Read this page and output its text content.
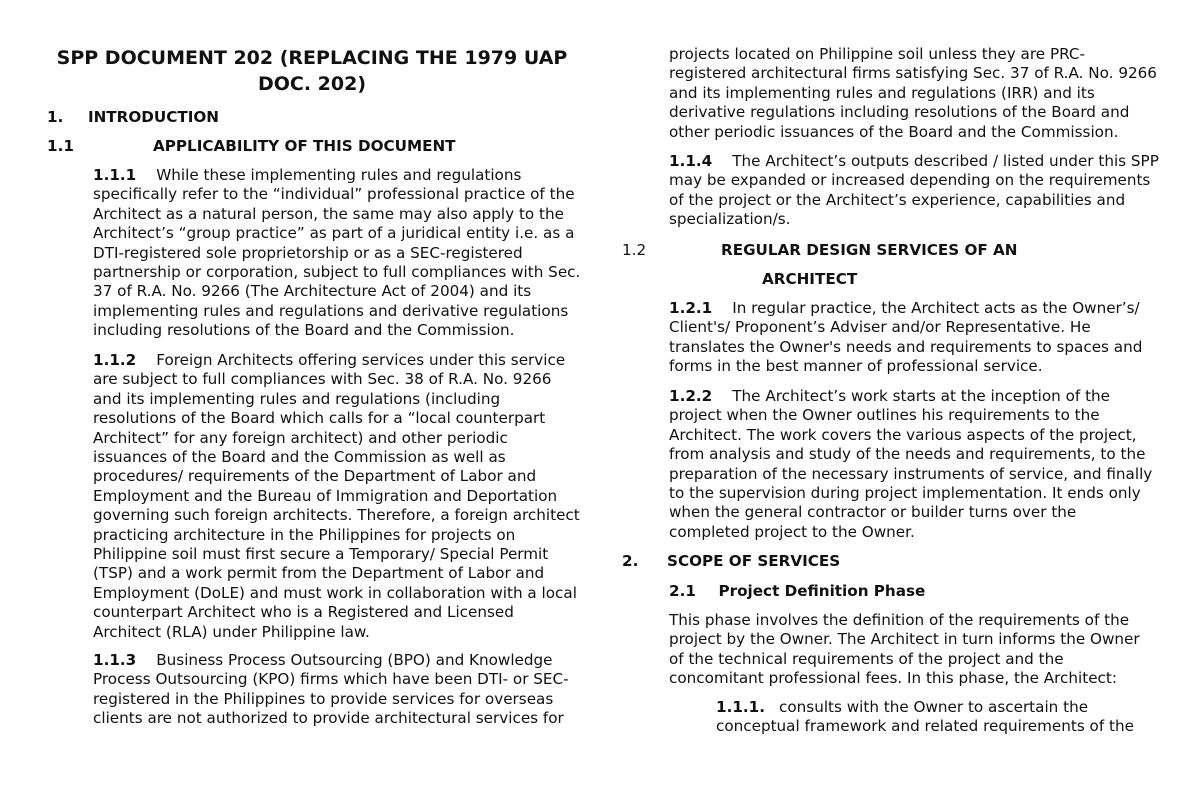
SPP DOCUMENT 202 (REPLACING THE 1979 UAP DOC. 202)
1. INTRODUCTION
1.1	APPLICABILITY OF THIS DOCUMENT

1.1.1 While these implementing rules and regulations specifically refer to the “individual” professional practice of the Architect as a natural person, the same may also apply to the Architect’s “group practice” as part of a juridical entity i.e. as a DTI-registered sole proprietorship or as a SEC-registered partnership or corporation, subject to full compliances with Sec. 37 of R.A. No. 9266 (The Architecture Act of 2004) and its implementing rules and regulations and derivative regulations including resolutions of the Board and the Commission.

1.1.2 Foreign Architects offering services under this service are subject to full compliances with Sec. 38 of R.A. No. 9266 and its implementing rules and regulations (including resolutions of the Board which calls for a “local counterpart Architect” for any foreign architect) and other periodic issuances of the Board and the Commission as well as procedures/ requirements of the Department of Labor and Employment and the Bureau of Immigration and Deportation governing such foreign architects. Therefore, a foreign architect practicing architecture in the Philippines for projects on Philippine soil must first secure a Temporary/ Special Permit (TSP) and a work permit from the Department of Labor and Employment (DoLE) and must work in collaboration with a local counterpart Architect who is a Registered and Licensed Architect (RLA) under Philippine law.

1.1.3 Business Process Outsourcing (BPO) and Knowledge Process Outsourcing (KPO) firms which have been DTI- or SEC-registered in the Philippines to provide services for overseas clients are not authorized to provide architectural services for

projects located on Philippine soil unless they are PRC-registered architectural firms satisfying Sec. 37 of R.A. No. 9266 and its implementing rules and regulations (IRR) and its derivative regulations including resolutions of the Board and other periodic issuances of the Board and the Commission.

1.1.4 The Architect’s outputs described / listed under this SPP may be expanded or increased depending on the requirements of the project or the Architect’s experience, capabilities and specialization/s.

1.2	REGULAR DESIGN SERVICES OF AN
ARCHITECT

1.2.1 In regular practice, the Architect acts as the Owner’s/ Client's/ Proponent’s Adviser and/or Representative. He translates the Owner's needs and requirements to spaces and forms in the best manner of professional service.

1.2.2 The Architect’s work starts at the inception of the project when the Owner outlines his requirements to the Architect. The work covers the various aspects of the project, from analysis and study of the needs and requirements, to the preparation of the necessary instruments of service, and finally to the supervision during project implementation. It ends only when the general contractor or builder turns over the completed project to the Owner.

2. SCOPE OF SERVICES
2.1 Project Definition Phase

This phase involves the definition of the requirements of the project by the Owner. The Architect in turn informs the Owner of the technical requirements of the project and the concomitant professional fees. In this phase, the Architect:

1.1.1. consults with the Owner to ascertain the conceptual framework and related requirements of the
